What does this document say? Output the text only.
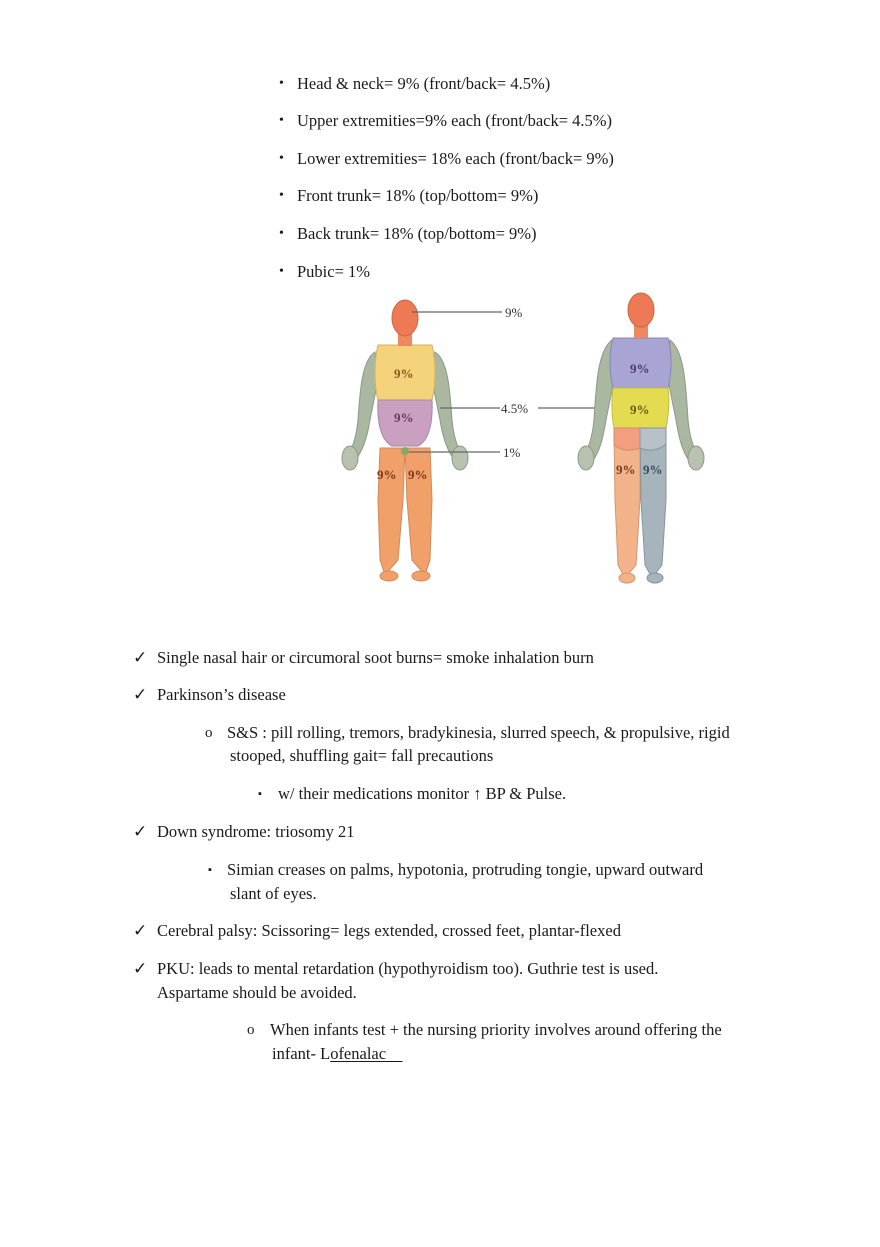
• Head & neck= 9% (front/back= 4.5%)
• Upper extremities=9% each (front/back= 4.5%)
• Lower extremities= 18% each (front/back= 9%)
• Front trunk= 18% (top/bottom= 9%)
• Back trunk= 18% (top/bottom= 9%)
• Pubic= 1%
9%
9%
9% 9%
9%
4.5%
1%
9%
9%
9% 9%
✓ Single nasal hair or circumoral soot burns= smoke inhalation burn
✓ Parkinson’s disease
o S&S : pill rolling, tremors, bradykinesia, slurred speech, & propulsive, rigid
stooped, shuffling gait= fall precautions
▪ w/ their medications monitor ↑ BP & Pulse.
✓ Down syndrome: triosomy 21
▪ Simian creases on palms, hypotonia, protruding tongie, upward outward
slant of eyes.
✓ Cerebral palsy: Scissoring= legs extended, crossed feet, plantar-flexed
✓ PKU: leads to mental retardation (hypothyroidism too). Guthrie test is used.
Aspartame should be avoided.
o When infants test + the nursing priority involves around offering the
infant- Lofenalac
